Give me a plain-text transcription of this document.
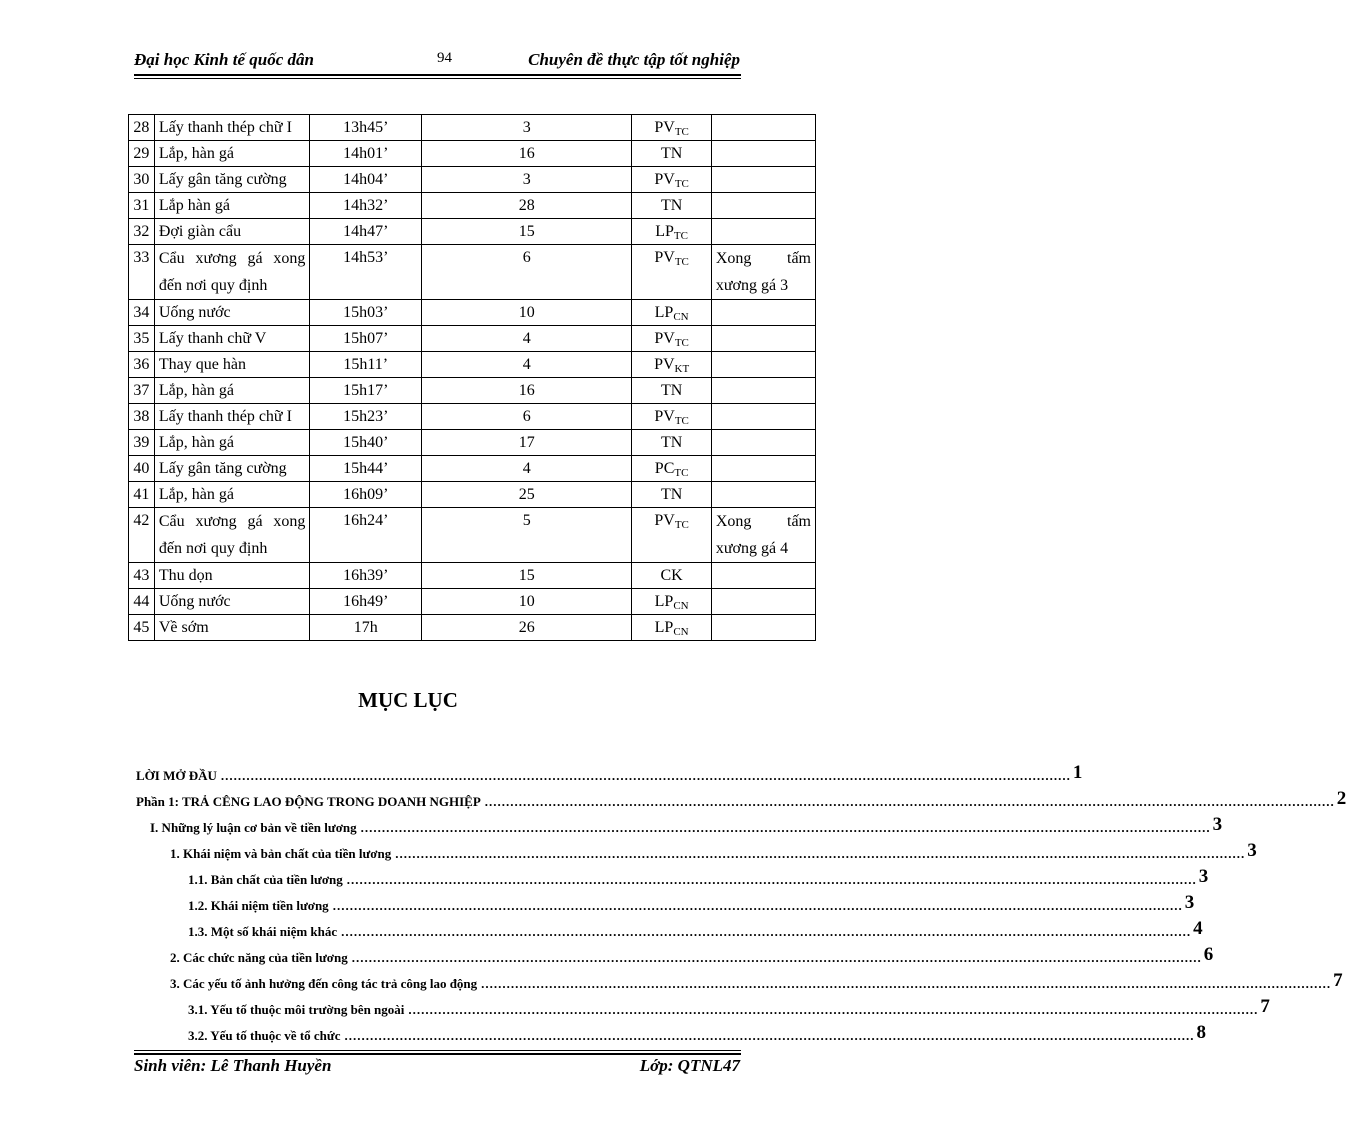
Đại học Kinh tế quốc dân	94	Chuyên đề thực tập tốt nghiệp
28	Lấy thanh thép chữ I	13h45’	3	$PV_{TC}$	
29	Lắp, hàn gá	14h01’	16	TN	
30	Lấy gân tăng cường	14h04’	3	$PV_{TC}$	
31	Lắp hàn gá	14h32’	28	TN	
32	Đợi giàn cẩu	14h47’	15	$LP_{TC}$	
33	Cẩu xương gá xong đến nơi quy định	14h53’	6	$PV_{TC}$	Xong tấm xương gá 3

34	Uống nước	15h03’	10	$LP_{CN}$	
35	Lấy thanh chữ V	15h07’	4	$PV_{TC}$	
36	Thay que hàn	15h11’	4	$PV_{KT}$	
37	Lắp, hàn gá	15h17’	16	TN	
38	Lấy thanh thép chữ I	15h23’	6	$PV_{TC}$	
39	Lắp, hàn gá	15h40’	17	TN	
40	Lấy gân tăng cường	15h44’	4	$PC_{TC}$	
41	Lắp, hàn gá	16h09’	25	TN	
42	Cẩu xương gá xong đến nơi quy định	16h24’	5	$PV_{TC}$	Xong tấm xương gá 4

43	Thu dọn	16h39’	15	CK	
44	Uống nước	16h49’	10	$LP_{CN}$	
45	Về sớm	17h	26	$LP_{CN}$	
MỤC LỤC
LỜI MỞ ĐẦU ........................................................................................................................................................................................................ 1
Phần 1: TRẢ CÊNG LAO ĐỘNG TRONG DOANH NGHIỆP ........................................................................................................................................................................................................ 2
I. Những lý luận cơ bản về tiền lương ........................................................................................................................................................................................................ 3
1. Khái niệm và bản chất của tiền lương ........................................................................................................................................................................................................ 3
1.1. Bản chất của tiền lương ........................................................................................................................................................................................................ 3
1.2. Khái niệm tiền lương ........................................................................................................................................................................................................ 3
1.3. Một số khái niệm khác ........................................................................................................................................................................................................ 4
2. Các chức năng của tiền lương ........................................................................................................................................................................................................ 6
3. Các yếu tố ảnh hưởng đến công tác trả công lao động ........................................................................................................................................................................................................ 7
3.1. Yếu tố thuộc môi trường bên ngoài ........................................................................................................................................................................................................ 7
3.2. Yếu tố thuộc về tổ chức ........................................................................................................................................................................................................ 8
Sinh viên: Lê Thanh Huyền	Lớp: QTNL47
